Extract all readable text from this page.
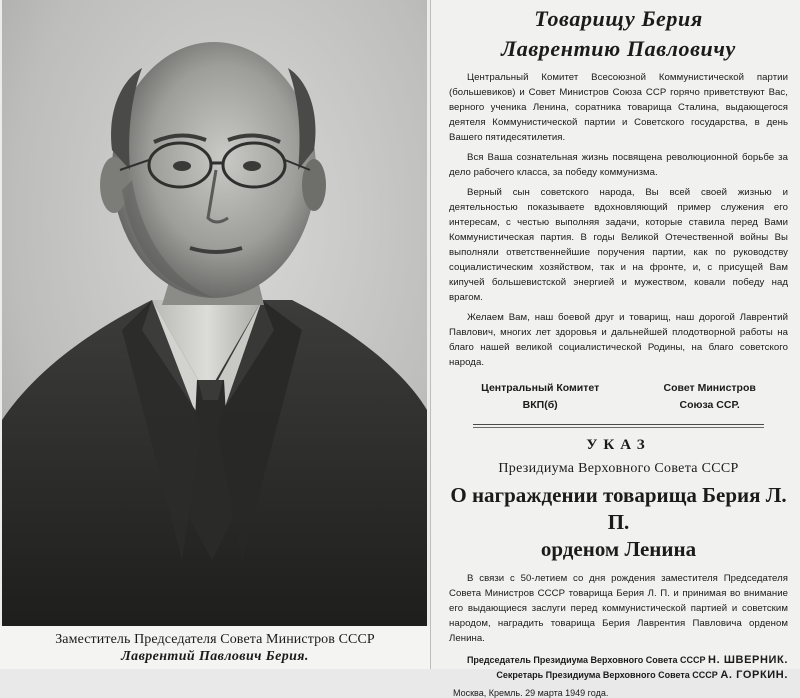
Заместитель Председателя Совета Министров СССР
Лаврентий Павлович Берия.
Товарищу Берия
Лаврентию Павловичу

Центральный Комитет Всесоюзной Коммунистической партии (большевиков) и Совет Министров Союза ССР горячо приветствуют Вас, верного ученика Ленина, соратника товарища Сталина, выдающегося деятеля Коммунистической партии и Советского государства, в день Вашего пятидесятилетия.

Вся Ваша сознательная жизнь посвящена революционной борьбе за дело рабочего класса, за победу коммунизма.

Верный сын советского народа, Вы всей своей жизнью и деятельностью показываете вдохновляющий пример служения его интересам, с честью выполняя задачи, которые ставила перед Вами Коммунистическая партия. В годы Великой Отечественной войны Вы выполняли ответственнейшие поручения партии, как по руководству социалистическим хозяйством, так и на фронте, и, с присущей Вам кипучей большевистской энергией и мужеством, ковали победу над врагом.

Желаем Вам, наш боевой друг и товарищ, наш дорогой Лаврентий Павлович, многих лет здоровья и дальнейшей плодотворной работы на благо нашей великой социалистической Родины, на благо советского народа.

Центральный Комитет
ВКП(б)
Совет Министров
Союза ССР.
УКАЗ
Президиума Верховного Совета СССР
О награждении товарища Берия Л. П.
орденом Ленина

В связи с 50-летием со дня рождения заместителя Председателя Совета Министров СССР товарища Берия Л. П. и принимая во внимание его выдающиеся заслуги перед коммунистической партией и советским народом, наградить товарища Берия Лаврентия Павловича орденом Ленина.

Председатель Президиума Верховного Совета СССР Н. ШВЕРНИК.
Секретарь Президиума Верховного Совета СССР А. ГОРКИН.
Москва, Кремль. 29 марта 1949 года.
